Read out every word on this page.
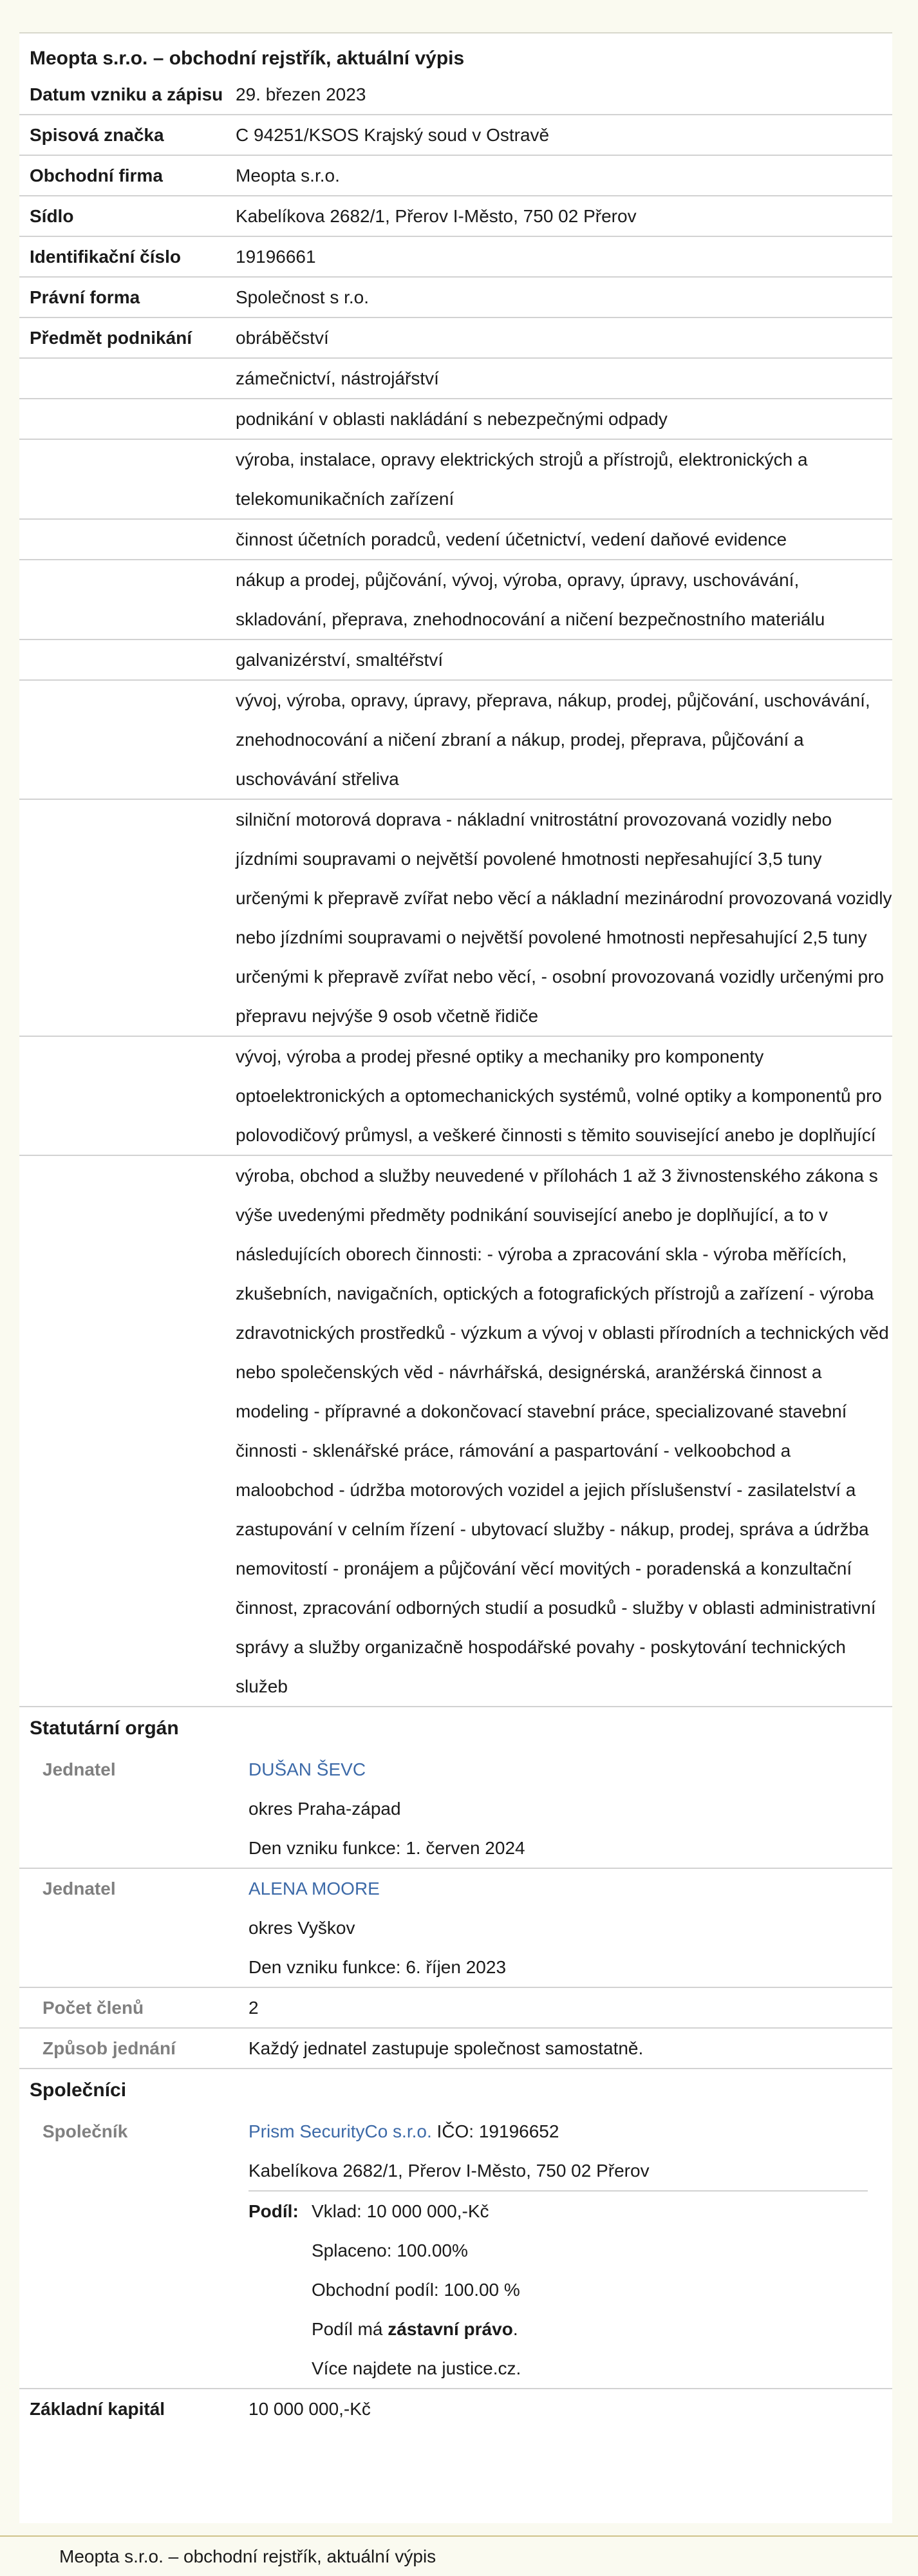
Meopta s.r.o. – obchodní rejstřík, aktuální výpis
Datum vzniku a zápisu	29. březen 2023
Spisová značka	C 94251/KSOS Krajský soud v Ostravě
Obchodní firma	Meopta s.r.o.
Sídlo	Kabelíkova 2682/1, Přerov I-Město, 750 02 Přerov
Identifikační číslo	19196661
Právní forma	Společnost s r.o.
Předmět podnikání	obráběčství
	zámečnictví, nástrojářství
	podnikání v oblasti nakládání s nebezpečnými odpady
	výroba, instalace, opravy elektrických strojů a přístrojů, elektronických a telekomunikačních zařízení
	činnost účetních poradců, vedení účetnictví, vedení daňové evidence
	nákup a prodej, půjčování, vývoj, výroba, opravy, úpravy, uschovávání, skladování, přeprava, znehodnocování a ničení bezpečnostního materiálu
	galvanizérství, smaltéřství
	vývoj, výroba, opravy, úpravy, přeprava, nákup, prodej, půjčování, uschovávání, znehodnocování a ničení zbraní a nákup, prodej, přeprava, půjčování a uschovávání střeliva
	silniční motorová doprava - nákladní vnitrostátní provozovaná vozidly nebo jízdními soupravami o největší povolené hmotnosti nepřesahující 3,5 tuny určenými k přepravě zvířat nebo věcí a nákladní mezinárodní provozovaná vozidly nebo jízdními soupravami o největší povolené hmotnosti nepřesahující 2,5 tuny určenými k přepravě zvířat nebo věcí, - osobní provozovaná vozidly určenými pro přepravu nejvýše 9 osob včetně řidiče
	vývoj, výroba a prodej přesné optiky a mechaniky pro komponenty optoelektronických a optomechanických systémů, volné optiky a komponentů pro polovodičový průmysl, a veškeré činnosti s těmito související anebo je doplňující
	výroba, obchod a služby neuvedené v přílohách 1 až 3 živnostenského zákona s výše uvedenými předměty podnikání související anebo je doplňující, a to v následujících oborech činnosti: - výroba a zpracování skla - výroba měřících, zkušebních, navigačních, optických a fotografických přístrojů a zařízení - výroba zdravotnických prostředků - výzkum a vývoj v oblasti přírodních a technických věd nebo společenských věd - návrhářská, designérská, aranžérská činnost a modeling - přípravné a dokončovací stavební práce, specializované stavební činnosti - sklenářské práce, rámování a paspartování - velkoobchod a maloobchod - údržba motorových vozidel a jejich příslušenství - zasilatelství a zastupování v celním řízení - ubytovací služby - nákup, prodej, správa a údržba nemovitostí - pronájem a půjčování věcí movitých - poradenská a konzultační činnost, zpracování odborných studií a posudků - služby v oblasti administrativní správy a služby organizačně hospodářské povahy - poskytování technických služeb
Statutární orgán
Jednatel	DUŠAN ŠEVC
	okres Praha-západ
	Den vzniku funkce: 1. červen 2024
Jednatel	ALENA MOORE
	okres Vyškov
	Den vzniku funkce: 6. říjen 2023
Počet členů	2
Způsob jednání	Každý jednatel zastupuje společnost samostatně.
Společníci
Společník	Prism SecurityCo s.r.o. IČO: 19196652

Kabelíkova 2682/1, Přerov I-Město, 750 02 Přerov
Podíl:	Vklad: 10 000 000,-Kč
	Splaceno: 100.00%
	Obchodní podíl: 100.00 %
	Podíl má zástavní právo.
	Více najdete na justice.cz.

Základní kapitál	10 000 000,-Kč
Meopta s.r.o. – obchodní rejstřík, aktuální výpis
